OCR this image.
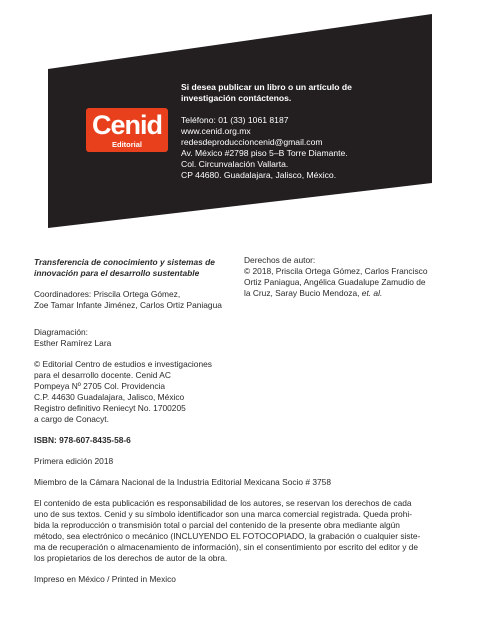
Cenid
Editorial
Si desea publicar un libro o un artículo de
investigación contáctenos.
Teléfono: 01 (33) 1061 8187
www.cenid.org.mx
redesdeproduccioncenid@gmail.com
Av. México #2798 piso 5–B Torre Diamante.
Col. Circunvalación Vallarta.
CP 44680. Guadalajara, Jalisco, México.
Transferencia de conocimiento y sistemas de
innovación para el desarrollo sustentable
Coordinadores: Priscila Ortega Gómez,
Zoe Tamar Infante Jiménez, Carlos Ortiz Paniagua
Derechos de autor:
© 2018, Priscila Ortega Gómez, Carlos Francisco
Ortiz Paniagua, Angélica Guadalupe Zamudio de
la Cruz, Saray Bucio Mendoza, et. al.
Diagramación:
Esther Ramírez Lara
© Editorial Centro de estudios e investigaciones
para el desarrollo docente. Cenid AC
Pompeya Nº 2705 Col. Providencia
C.P. 44630 Guadalajara, Jalisco, México
Registro definitivo Reniecyt No. 1700205
a cargo de Conacyt.
ISBN: 978-607-8435-58-6
Primera edición 2018
Miembro de la Cámara Nacional de la Industria Editorial Mexicana Socio # 3758
El contenido de esta publicación es responsabilidad de los autores, se reservan los derechos de cada
uno de sus textos. Cenid y su símbolo identificador son una marca comercial registrada. Queda prohi-
bida la reproducción o transmisión total o parcial del contenido de la presente obra mediante algún
método, sea electrónico o mecánico (INCLUYENDO EL FOTOCOPIADO, la grabación o cualquier siste-
ma de recuperación o almacenamiento de información), sin el consentimiento por escrito del editor y de
los propietarios de los derechos de autor de la obra.
Impreso en México / Printed in Mexico
